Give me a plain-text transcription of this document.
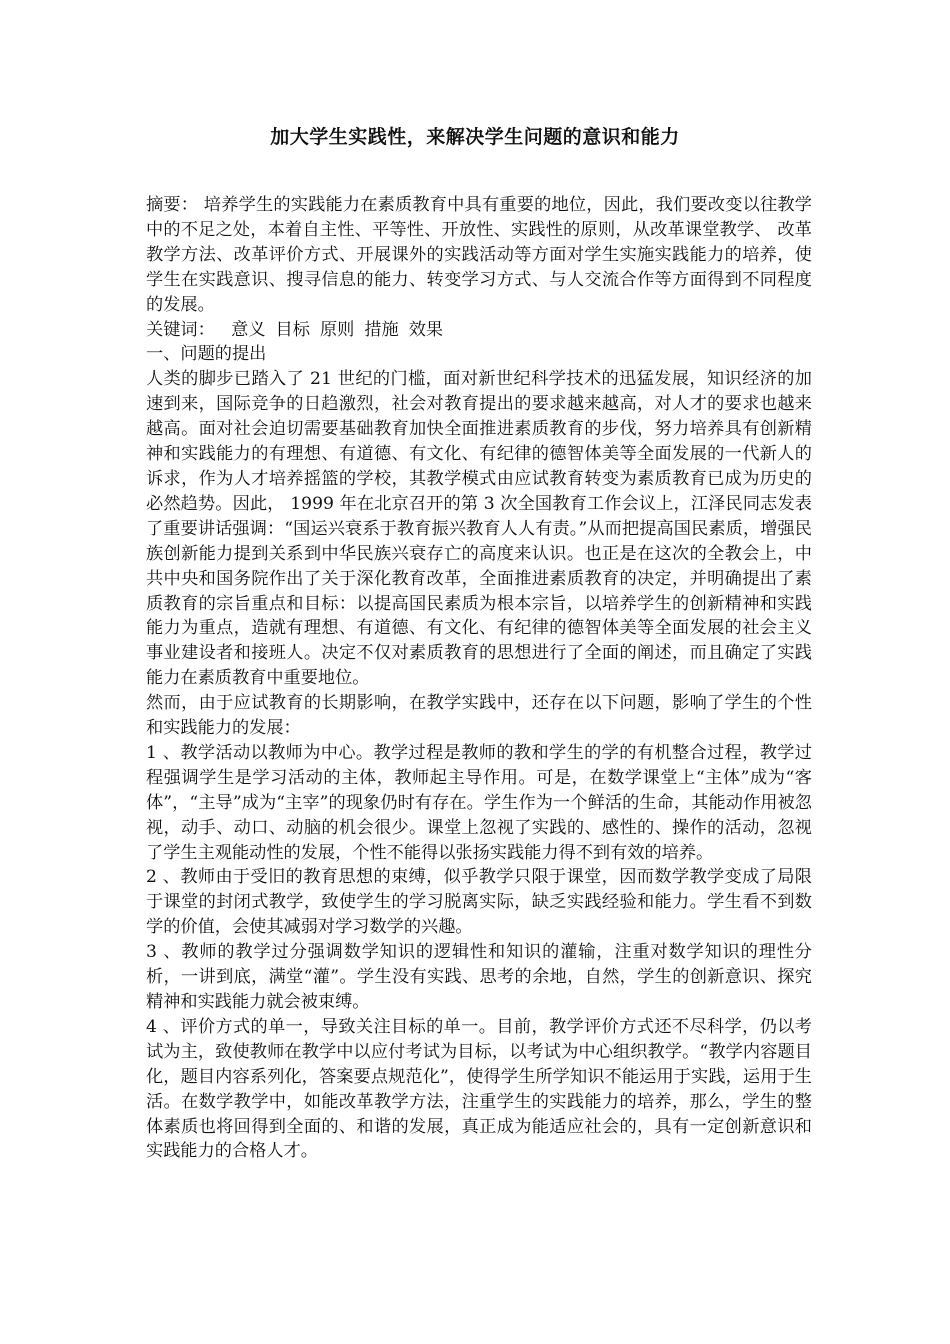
加大学生实践性，来解决学生问题的意识和能力

摘要： 培养学生的实践能力在素质教育中具有重要的地位，因此，我们要改变以往教学中的不足之处，本着自主性、平等性、开放性、实践性的原则，从改革课堂教学、 改革教学方法、改革评价方式、开展课外的实践活动等方面对学生实施实践能力的培养，使学生在实践意识、搜寻信息的能力、转变学习方式、与人交流合作等方面得到不同程度的发展。

关键词： 意义 目标 原则 措施 效果

一、问题的提出

人类的脚步已踏入了 21 世纪的门槛，面对新世纪科学技术的迅猛发展，知识经济的加速到来，国际竞争的日趋激烈，社会对教育提出的要求越来越高，对人才的要求也越来越高。面对社会迫切需要基础教育加快全面推进素质教育的步伐，努力培养具有创新精神和实践能力的有理想、有道德、有文化、有纪律的德智体美等全面发展的一代新人的诉求，作为人才培养摇篮的学校，其教学模式由应试教育转变为素质教育已成为历史的必然趋势。因此， 1999 年在北京召开的第 3 次全国教育工作会议上，江泽民同志发表了重要讲话强调：“国运兴衰系于教育振兴教育人人有责。”从而把提高国民素质，增强民族创新能力提到关系到中华民族兴衰存亡的高度来认识。也正是在这次的全教会上，中共中央和国务院作出了关于深化教育改革，全面推进素质教育的决定，并明确提出了素质教育的宗旨重点和目标：以提高国民素质为根本宗旨，以培养学生的创新精神和实践能力为重点，造就有理想、有道德、有文化、有纪律的德智体美等全面发展的社会主义事业建设者和接班人。决定不仅对素质教育的思想进行了全面的阐述，而且确定了实践能力在素质教育中重要地位。

然而，由于应试教育的长期影响，在教学实践中，还存在以下问题，影响了学生的个性和实践能力的发展：

1 、教学活动以教师为中心。教学过程是教师的教和学生的学的有机整合过程，教学过程强调学生是学习活动的主体，教师起主导作用。可是，在数学课堂上“主体”成为“客体”，“主导”成为“主宰”的现象仍时有存在。学生作为一个鲜活的生命，其能动作用被忽视，动手、动口、动脑的机会很少。课堂上忽视了实践的、感性的、操作的活动，忽视了学生主观能动性的发展，个性不能得以张扬实践能力得不到有效的培养。

2 、教师由于受旧的教育思想的束缚，似乎教学只限于课堂，因而数学教学变成了局限于课堂的封闭式教学，致使学生的学习脱离实际，缺乏实践经验和能力。学生看不到数学的价值，会使其减弱对学习数学的兴趣。

3 、教师的教学过分强调数学知识的逻辑性和知识的灌输，注重对数学知识的理性分析，一讲到底，满堂“灌”。学生没有实践、思考的余地，自然，学生的创新意识、探究精神和实践能力就会被束缚。

4 、评价方式的单一，导致关注目标的单一。目前，教学评价方式还不尽科学，仍以考试为主，致使教师在教学中以应付考试为目标，以考试为中心组织教学。“教学内容题目化，题目内容系列化，答案要点规范化”，使得学生所学知识不能运用于实践，运用于生活。在数学教学中，如能改革教学方法，注重学生的实践能力的培养，那么，学生的整体素质也将回得到全面的、和谐的发展，真正成为能适应社会的，具有一定创新意识和实践能力的合格人才。
